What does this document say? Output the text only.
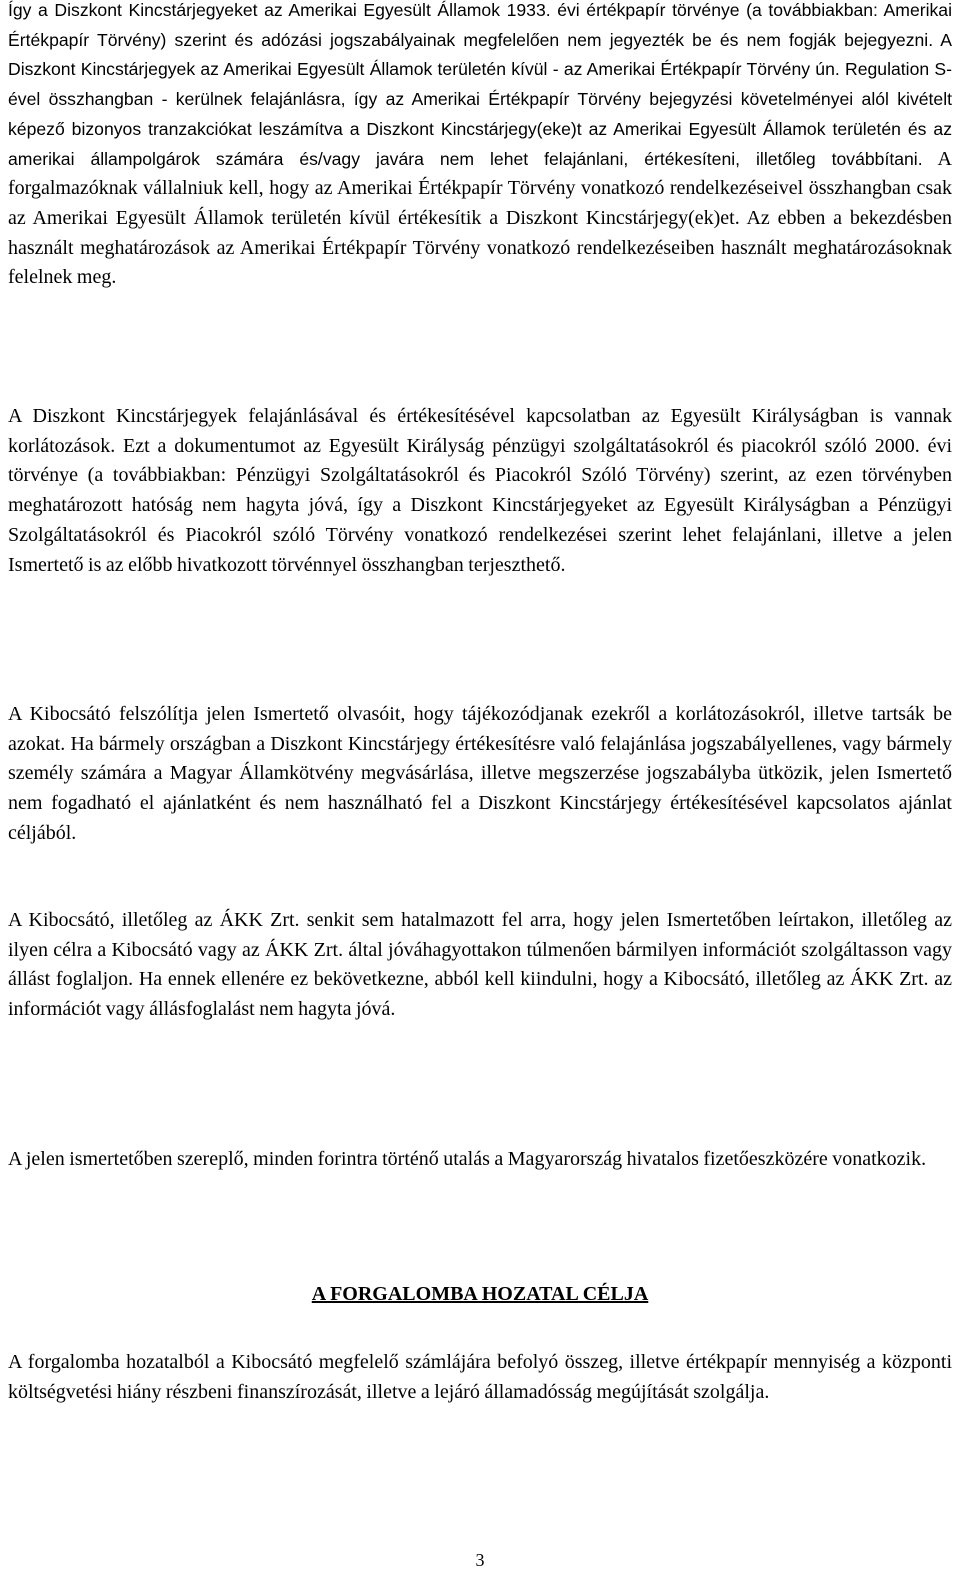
Így a Diszkont Kincstárjegyeket az Amerikai Egyesült Államok 1933. évi értékpapír törvénye (a továbbiakban: Amerikai Értékpapír Törvény) szerint és adózási jogszabályainak megfelelően nem jegyezték be és nem fogják bejegyezni. A Diszkont Kincstárjegyek az Amerikai Egyesült Államok területén kívül - az Amerikai Értékpapír Törvény ún. Regulation S-ével összhangban - kerülnek felajánlásra, így az Amerikai Értékpapír Törvény bejegyzési követelményei alól kivételt képező bizonyos tranzakciókat leszámítva a Diszkont Kincstárjegy(eke)t az Amerikai Egyesült Államok területén és az amerikai állampolgárok számára és/vagy javára nem lehet felajánlani, értékesíteni, illetőleg továbbítani. A forgalmazóknak vállalniuk kell, hogy az Amerikai Értékpapír Törvény vonatkozó rendelkezéseivel összhangban csak az Amerikai Egyesült Államok területén kívül értékesítik a Diszkont Kincstárjegy(ek)et. Az ebben a bekezdésben használt meghatározások az Amerikai Értékpapír Törvény vonatkozó rendelkezéseiben használt meghatározásoknak felelnek meg.

A Diszkont Kincstárjegyek felajánlásával és értékesítésével kapcsolatban az Egyesült Királyságban is vannak korlátozások. Ezt a dokumentumot az Egyesült Királyság pénzügyi szolgáltatásokról és piacokról szóló 2000. évi törvénye (a továbbiakban: Pénzügyi Szolgáltatásokról és Piacokról Szóló Törvény) szerint, az ezen törvényben meghatározott hatóság nem hagyta jóvá, így a Diszkont Kincstárjegyeket az Egyesült Királyságban a Pénzügyi Szolgáltatásokról és Piacokról szóló Törvény vonatkozó rendelkezései szerint lehet felajánlani, illetve a jelen Ismertető is az előbb hivatkozott törvénnyel összhangban terjeszthető.

A Kibocsátó felszólítja jelen Ismertető olvasóit, hogy tájékozódjanak ezekről a korlátozásokról, illetve tartsák be azokat. Ha bármely országban a Diszkont Kincstárjegy értékesítésre való felajánlása jogszabályellenes, vagy bármely személy számára a Magyar Államkötvény megvásárlása, illetve megszerzése jogszabályba ütközik, jelen Ismertető nem fogadható el ajánlatként és nem használható fel a Diszkont Kincstárjegy értékesítésével kapcsolatos ajánlat céljából.

A Kibocsátó, illetőleg az ÁKK Zrt. senkit sem hatalmazott fel arra, hogy jelen Ismertetőben leírtakon, illetőleg az ilyen célra a Kibocsátó vagy az ÁKK Zrt. által jóváhagyottakon túlmenően bármilyen információt szolgáltasson vagy állást foglaljon. Ha ennek ellenére ez bekövetkezne, abból kell kiindulni, hogy a Kibocsátó, illetőleg az ÁKK Zrt. az információt vagy állásfoglalást nem hagyta jóvá.

A jelen ismertetőben szereplő, minden forintra történő utalás a Magyarország hivatalos fizetőeszközére vonatkozik.

A FORGALOMBA HOZATAL CÉLJA

A forgalomba hozatalból a Kibocsátó megfelelő számlájára befolyó összeg, illetve értékpapír mennyiség a központi költségvetési hiány részbeni finanszírozását, illetve a lejáró államadósság megújítását szolgálja.

3
